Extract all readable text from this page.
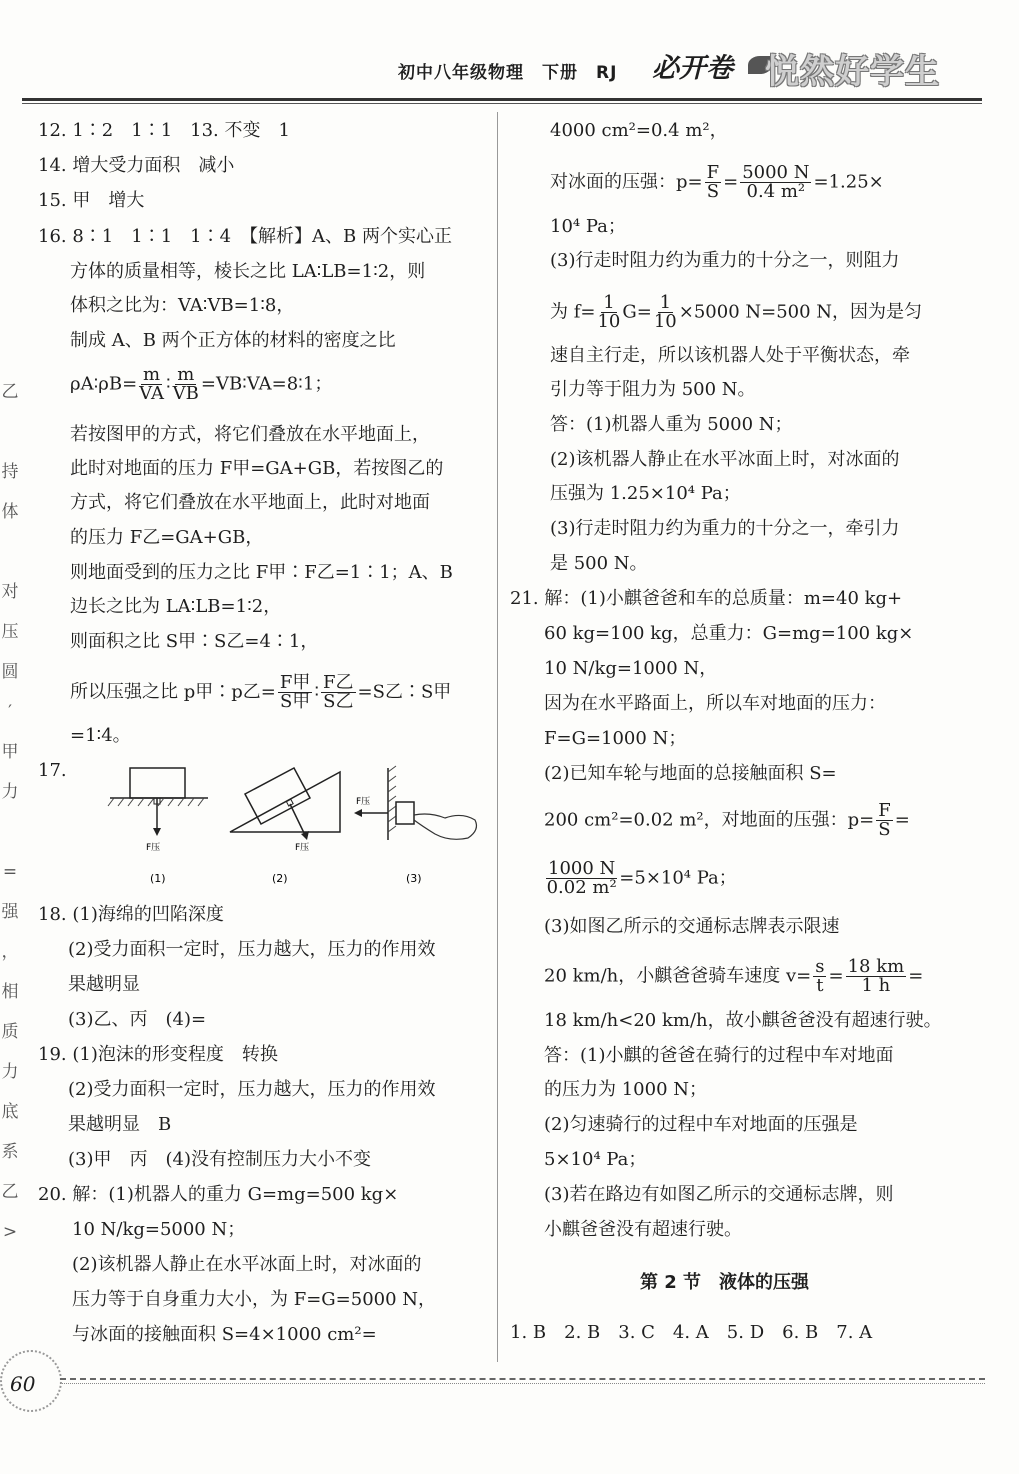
初中八年级物理　下册　RJ 必开卷 悦然好学生
乙
持
体
对
压
圆
′
甲
力
=
强
，
相
质
力
底
系
乙
>
12. 1∶2　1∶1　13. 不变　1
14. 增大受力面积　减小
15. 甲　增大
16. 8∶1　1∶1　1∶4　【解析】A、B 两个实心正
方体的质量相等，棱长之比 LA∶LB=1∶2，则
体积之比为：VA∶VB=1∶8，
制成 A、B 两个正方体的材料的密度之比
ρA∶ρB= $\frac{m}{VA}$ ∶ $\frac{m}{VB}$ =VB∶VA=8∶1；
若按图甲的方式，将它们叠放在水平地面上，
此时对地面的压力 F甲=GA+GB，若按图乙的
方式，将它们叠放在水平地面上，此时对地面
的压力 F乙=GA+GB，
则地面受到的压力之比 F甲∶F乙=1∶1；A、B
边长之比为 LA∶LB=1∶2，
则面积之比 S甲∶S乙=4∶1，
所以压强之比 p甲∶p乙= $\frac{\text{F甲}}{\text{S甲}}$ ∶ $\frac{\text{F乙}}{\text{S乙}} =S$乙∶S甲
=1∶4。
17.
F压
(1)
F压
(2)
F压
(3)
18. (1)海绵的凹陷深度
(2)受力面积一定时，压力越大，压力的作用效
果越明显
(3)乙、丙　(4)=
19. (1)泡沫的形变程度　转换
(2)受力面积一定时，压力越大，压力的作用效
果越明显　B
(3)甲　丙　(4)没有控制压力大小不变
20. 解：(1)机器人的重力 G=mg=500 kg×
10 N/kg=5000 N；
(2)该机器人静止在水平冰面上时，对冰面的
压力等于自身重力大小，为 F=G=5000 N，
与冰面的接触面积 S=4×1000 cm²=
4000 cm²=0.4 m²，
对冰面的压强：$p= \frac{F}{S} = \frac{5000 N}{\text{0.4 m²}} =1.25\times$
10⁴ Pa；
(3)行走时阻力约为重力的十分之一，则阻力
为 $f= \frac{1}{10} G= \frac{1}{10} \times 5000$ N=500 N，因为是匀
速自主行走，所以该机器人处于平衡状态，牵
引力等于阻力为 500 N。
答：(1)机器人重为 5000 N；
(2)该机器人静止在水平冰面上时，对冰面的
压强为 1.25×10⁴ Pa；
(3)行走时阻力约为重力的十分之一，牵引力
是 500 N。
21. 解：(1)小麒爸爸和车的总质量：m=40 kg+
60 kg=100 kg，总重力：G=mg=100 kg×
10 N/kg=1000 N，
因为在水平路面上，所以车对地面的压力：
F=G=1000 N；
(2)已知车轮与地面的总接触面积 S=
200 cm²=0.02 m²，对地面的压强：$p= \frac{F}{S}$ =
$\frac{1000 N}{\text{0.02 m²}} =5\times 10^4$ Pa；
(3)如图乙所示的交通标志牌表示限速
20 km/h，小麒爸爸骑车速度 $v= \frac{s}{t} = \frac{18 km}{1 h}$ =
18 km/h<20 km/h，故小麒爸爸没有超速行驶。
答：(1)小麒的爸爸在骑行的过程中车对地面
的压力为 1000 N；
(2)匀速骑行的过程中车对地面的压强是
5×10⁴ Pa；
(3)若在路边有如图乙所示的交通标志牌，则
小麒爸爸没有超速行驶。
第 2 节　液体的压强
1. B　2. B　3. C　4. A　5. D　6. B　7. A
60
